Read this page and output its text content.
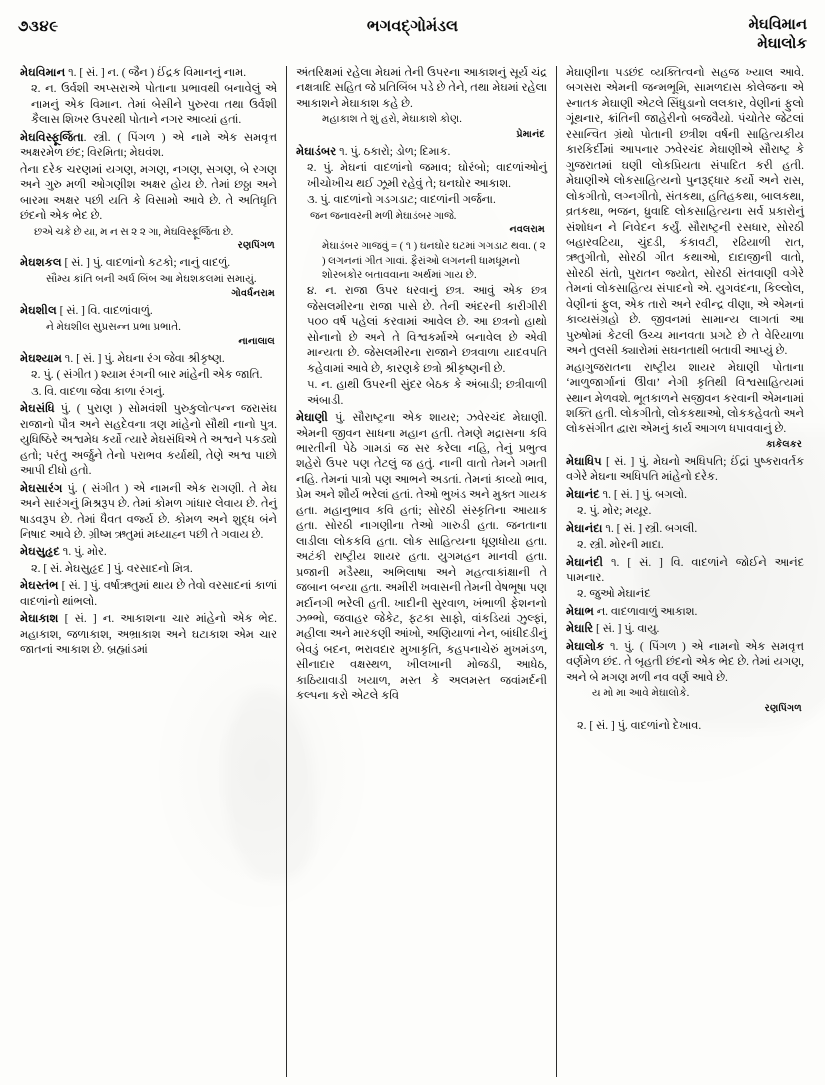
૭૩૪૯	ભગવદ્ગોમંડલ	મેઘવિમાન
મેઘાલોક
મેઘવિમાન ૧. [ સં. ] ન. ( જૈન ) ઈંદ્રક વિમાનનું નામ.
૨. ન. ઉર્વશી અપ્સરાએ પોતાના પ્રભાવથી બનાવેલું એ નામનું એક વિમાન. તેમાં બેસીને પુરુરવા તથા ઉર્વશી કૈલાસ શિખર ઉપરથી પોતાને નગર આવ્યાં હતાં.
મેઘવિસ્ફૂર્જિતા. સ્ત્રી. ( પિંગળ ) એ નામે એક સમવૃત્ત અક્ષરમેળ છંદ; વિરમિતા; મેઘવંશ.
તેના દરેક ચરણમાં યગણ, મગણ, નગણ, સગણ, બે રગણ અને ગુરુ મળી ઓગણીશ અક્ષર હોય છે. તેમાં છઠ્ઠા અને બારમા અક્ષર પછી યતિ કે વિસામો આવે છે. તે અતિધૃતિ છંદનો એક ભેદ છે.
છએ ચકે છે યા, મ ન સ ૨ ૨ ગા, મેઘવિસ્ફૂર્જિતા છે.
રણપિંગળ
મેઘશકલ [ સં. ] પું. વાદળાંનો કટકો; નાનું વાદળું.
સૌમ્ય કાંતિ બની અર્ધ બિંબ આ મેઘશકલમાં સમાયું.
ગોવર્ધનરામ
મેઘશીલ [ સં. ] વિ. વાદળાંવાળું.
ને મેઘશીલ સુપ્રસન્ન પ્રભા પ્રભાતે.
નાનાલાલ
મેઘશ્યામ ૧. [ સં. ] પું. મેઘના રંગ જેવા શ્રીકૃષ્ણ.
૨. પું. ( સંગીત ) શ્યામ રંગની બાર માંહેની એક જાતિ.
૩. વિ. વાદળા જેવા કાળા રંગનું.
મેઘસંધિ પું. ( પુરાણ ) સોમવંશી પુરુકુલોત્પન્ન જરાસંઘ રાજાનો પૌત્ર અને સહદેવના ત્રણ માંહેનો સૌથી નાનો પુત્ર. યુધિષ્ઠિરે અશ્વમેધ કર્યો ત્યારે મેઘસંધિએ તે અશ્વને પકડ્યો હતો; પરંતુ અર્જુને તેનો પરાભવ કર્યાથી, તેણે અશ્વ પાછો આપી દીધો હતો.
મેઘસારંગ પું. ( સંગીત ) એ નામની એક રાગણી. તે મેઘ અને સારંગનું મિશ્રરૂપ છે. તેમાં કોમળ ગાંધાર લેવાય છે. તેનું ષાડવરૂપ છે. તેમાં ધૈવત વર્જ્ય છે. કોમળ અને શુદ્ધ બંને નિષાદ આવે છે. ગ્રીષ્મ ઋતુમાં મધ્યાહ્ન પછી તે ગવાય છે.
મેઘસુહૃદ ૧. પું. મોર.
૨. [ સં. મેઘસુહૃદ ] પું. વરસાદનો મિત્ર.
મેઘસ્તંભ [ સં. ] પું. વર્ષાઋતુમાં થાય છે તેવો વરસાદનાં કાળાં વાદળાંનો થાંભલો.
મેઘાકાશ [ સં. ] ન. આકાશના ચાર માંહેનો એક ભેદ. મહાકાશ, જળાકાશ, અભ્રાકાશ અને ઘટાકાશ એમ ચાર જાતનાં આકાશ છે. બ્રહ્માંડમાં
અંતરિક્ષમાં રહેલા મેઘમાં તેની ઉપરના આકાશનું સૂર્ય ચંદ્ર નક્ષત્રાદિ સહિત જે પ્રતિબિંબ પડે છે તેને, તથા મેઘમાં રહેલા આકાશને મેઘાકાશ કહે છે.
મહાકાશ તે શું હરો, મેઘાકાશે કોણ.
પ્રેમાનંદ
મેઘાડંબર ૧. પું. ઠકારો; ડોળ; દિમાક.
૨. પું. મેઘનાં વાદળાંનો જમાવ; ઘોરંબો; વાદળાંઓનું ખીચોખીચ થઈ ઝૂમી રહેવું તે; ઘનઘોર આકાશ.
૩. પું. વાદળાંનો ગડગડાટ; વાદળાંની ગર્જના.
જન જનાવરની મળી મેઘાડંબર ગાજે.
નવલરામ
મેઘાડંબર ગાજવું = ( ૧ ) ઘનઘોર ઘટમાં ગગડાટ થવા. ( ૨ ) લગનનાં ગીત ગાવાં. ફૈરાંઓ લગનની ધામધૂમનો શોરબકોર બતાવવાના અર્થમાં ગાય છે.
૪. ન. રાજા ઉપર ધરવાનું છત્ર. આવું એક છત્ર જેસલમીરના રાજા પાસે છે. તેની અંદરની કારીગીરી ૫૦૦ વર્ષ પહેલાં કરવામાં આવેલ છે. આ છત્રનો હાથો સોનાનો છે અને તે વિશ્વકર્માએ બનાવેલ છે એવી માન્યતા છે. જેસલમીરના રાજાને છત્રવાળા યાદવપતિ કહેવામાં આવે છે, કારણકે છત્રો શ્રીકૃષ્ણની છે.
૫. ન. હાથી ઉપરની સુંદર બેઠક કે અંબાડી; છત્રીવાળી અંબાડી.
મેઘાણી પું. સૌરાષ્ટ્રના એક શાયર; ઝવેરચંદ મેઘાણી. એમની જીવન સાધના મહાન હતી. તેમણે મદ્રાસના કવિ ભારતીની પેઠે ગામડાં જ સર કરેલા નહિ, તેનું પ્રભુત્વ શહેરો ઉપર પણ તેટલું જ હતું. નાની વાતો તેમને ગમતી નહિ. તેમનાં પાત્રો પણ આભને અડતાં. તેમનાં કાવ્યો ભાવ, પ્રેમ અને શૌર્ય ભરેલાં હતાં. તેઓ ભુખંડ અને મુક્ત ગાયક હતા. મહાનુભાવ કવિ હતાં; સોરઠી સંસ્કૃતિના આયાક હતા. સોરઠી નાગણીના તેઓ ગારુડી હતા. જનતાના લાડીલા લોકકવિ હતા. લોક સાહિત્યના ધૂણધોયા હતા. અટંકી રાષ્ટ્રીય શાયર હતા. યુગમહન માનવી હતા. પ્રજાની મડૈસ્થા, અભિલાષા અને મહત્વાકાંક્ષાની તે જબાન બન્યા હતા. અમીરી ખવાસની તેમની વેષભૂષા પણ મર્દાનગી ભરેલી હતી. ખાદીની સુરવાળ, ખંભાળી ફેશનનો ઝભ્ભો, જવાહર જેકેટ, ફટકા સાફો, વાંકડિયાં ઝુલ્ફાં, મહીલા અને મારકણી આંખો, અણિયાળાં નેન, બાંધીદડીનું બેવડું બદન, ભરાવદાર મુખાકૃતિ, કહપનાચેરું મુખમંડળ, સીનાદાર વક્ષસ્થળ, ખીલખાની મોજડી, આધેઠ, કાઠિયાવાડી ખયાળ, મસ્ત કે અલમસ્ત જવાંમર્દની કલ્પના કરો એટલે કવિ
મેઘાણીના પડછંદ વ્યક્તિત્વનો સહજ ખ્યાલ આવે. બગસરા એમની જન્મભૂમિ, સામળદાસ કોલેજના એ સ્નાતક મેઘાણી એટલે સિંધુડાનો લલકાર, વેણીનાં ફુલો ગૂંથનાર, ક્રાંતિની જાહેરીનો બજવૈયો. પંચોતેર જેટલાં રસાન્વિત ગ્રંથો પોતાની છત્રીશ વર્ષની સાહિત્યકીય કારકિર્દીમાં આપનાર ઝવેરચંદ મેઘાણીએ સૌરાષ્ટ્ર કે ગુજરાતમાં ઘણી લોકપ્રિયતા સંપાદિત કરી હતી. મેઘાણીએ લોકસાહિત્યનો પુનરૂદ્ધાર કર્યો અને રાસ, લોકગીતો, લગ્નગીતો, સંતકથા, હતિહકથા, બાલકથા, વ્રતકથા, ભજન, ધ્રુવાદિ લોકસાહિત્યના સર્વ પ્રકારોનું સંશોધન ને નિવેદન કર્યું. સૌરાષ્ટ્રની રસધાર, સોરઠી બહારવટિયા, ચુંદડી, કંકાવટી, રઢિયાળી રાત, ઋતુગીતો, સોરઠી ગીત કથાઓ, દાદાજીની વાતો, સોરઠી સંતો, પુરાતન જ્યોત, સોરઠી સંતવાણી વગેરે તેમનાં લોકસાહિત્ય સંપાદનો એ. યુગવંદના, કિલ્લોલ, વેણીનાં ફુલ, એક તારો અને રવીન્દ્ર વીણા, એ એમનાં કાવ્યસંગ્રહો છે. જીવનમાં સામાન્ય લાગતાં આ પુરુષોમાં કેટલી ઉચ્ચ માનવતા પ્રગટે છે તે વેરિયાળા અને તુલસી ક્યારોમાં સઘનતાથી બતાવી આપ્યું છે.
મહાગુજરાતના રાષ્ટ્રીય શાયર મેઘાણી પોતાના ‘માળુજાર્ગાનાં ઉીવા’ નેગી કૃતિથી વિશ્વસાહિત્યમાં સ્થાન મેળવશે. ભૂતકાળને સજીવન કરવાની એમનામાં શક્તિ હતી. લોકગીતો, લોકકથાઓ, લોકકહેવતો અને લોકસંગીત દ્વારા એમનું કાર્ય આગળ ધપાવવાનું છે.
કાકેલકર
મેઘાધિપ [ સં. ] પું. મેઘનો અધિપતિ; ઈંદ્રાં પુષ્કરાવર્તક વગેરે મેઘના અધિપતિ માંહેનો દરેક.
મેઘાનંદ ૧. [ સં. ] પું. બગલો.
૨. પું. મોર; મયૂર.
મેઘાનંદા ૧. [ સં. ] સ્ત્રી. બગલી.
૨. સ્ત્રી. મોરની માદા.
મેઘાનંદી ૧. [ સં. ] વિ. વાદળાંને જોઈને આનંદ પામનાર.
૨. જુઓ મેઘાનંદ
મેઘાભ ન. વાદળાવાળું આકાશ.
મેઘારિ [ સં. ] પું. વાયુ.
મેઘાલોક ૧. પું. ( પિંગળ ) એ નામનો એક સમવૃત્ત વર્ણમેળ છંદ. તે બૃહતી છંદનો એક ભેદ છે. તેમાં યગણ, અને બે મગણ મળી નવ વર્ણ આવે છે.
ય મો મા આવે મેઘાલોકે.
રણપિંગળ
૨. [ સં. ] પું. વાદળાંનો દેખાવ.
